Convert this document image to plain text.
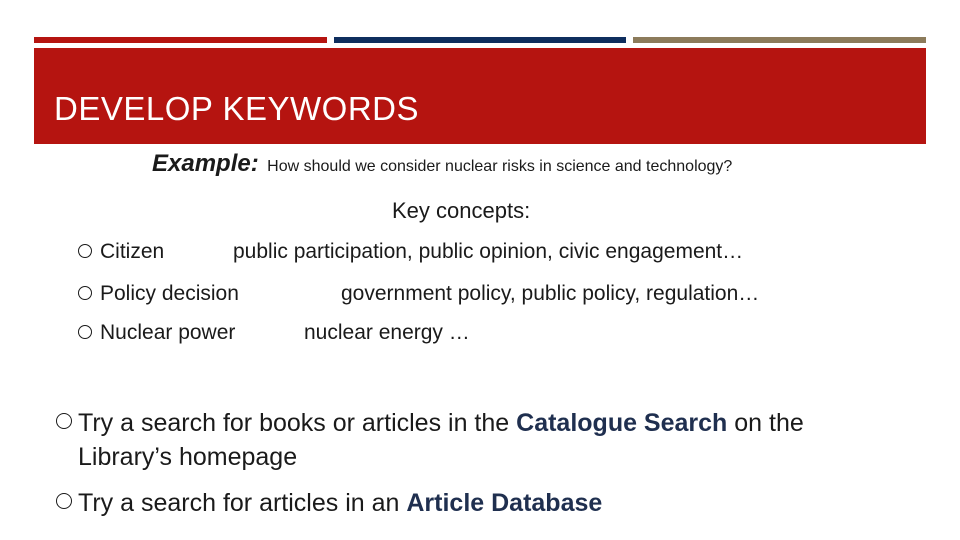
DEVELOP KEYWORDS
Example: How should we consider nuclear risks in science and technology?
Key concepts:
Citizen	public participation, public opinion, civic engagement…
Policy decision	government policy, public policy, regulation…
Nuclear power	nuclear energy …
Try a search for books or articles in the Catalogue Search on the
Library’s homepage
Try a search for articles in an Article Database
